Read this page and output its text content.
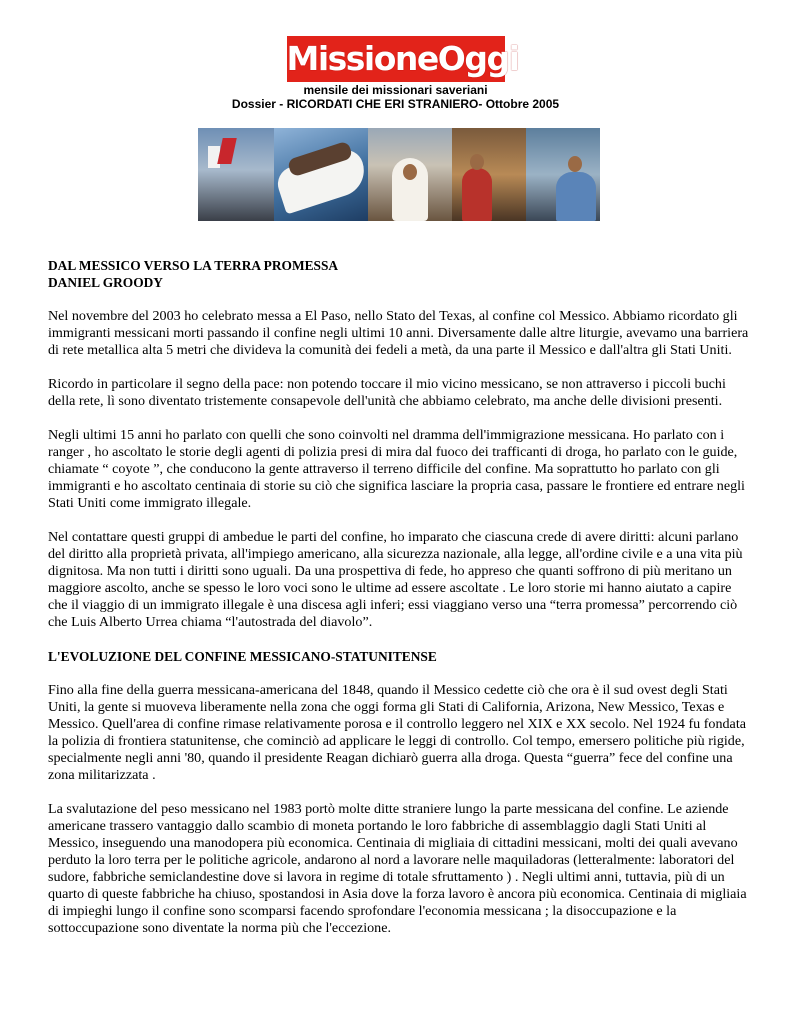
MissioneOggi
mensile dei missionari saveriani
Dossier - RICORDATI CHE ERI STRANIERO- Ottobre 2005

DAL MESSICO VERSO LA TERRA PROMESSA

DANIEL GROODY

Nel novembre del 2003 ho celebrato messa a El Paso, nello Stato del Texas, al confine col Messico. Abbiamo ricordato gli immigranti messicani morti passando il confine negli ultimi 10 anni. Diversamente dalle altre liturgie, avevamo una barriera di rete metallica alta 5 metri che divideva la comunità dei fedeli a metà, da una parte il Messico e dall'altra gli Stati Uniti.

Ricordo in particolare il segno della pace: non potendo toccare il mio vicino messicano, se non attraverso i piccoli buchi della rete, lì sono diventato tristemente consapevole dell'unità che abbiamo celebrato, ma anche delle divisioni presenti.

Negli ultimi 15 anni ho parlato con quelli che sono coinvolti nel dramma dell'immigrazione messicana. Ho parlato con i ranger , ho ascoltato le storie degli agenti di polizia presi di mira dal fuoco dei trafficanti di droga, ho parlato con le guide, chiamate “ coyote ”, che conducono la gente attraverso il terreno difficile del confine. Ma soprattutto ho parlato con gli immigranti e ho ascoltato centinaia di storie su ciò che significa lasciare la propria casa, passare le frontiere ed entrare negli Stati Uniti come immigrato illegale.

Nel contattare questi gruppi di ambedue le parti del confine, ho imparato che ciascuna crede di avere diritti: alcuni parlano del diritto alla proprietà privata, all'impiego americano, alla sicurezza nazionale, alla legge, all'ordine civile e a una vita più dignitosa. Ma non tutti i diritti sono uguali. Da una prospettiva di fede, ho appreso che quanti soffrono di più meritano un maggiore ascolto, anche se spesso le loro voci sono le ultime ad essere ascoltate . Le loro storie mi hanno aiutato a capire che il viaggio di un immigrato illegale è una discesa agli inferi; essi viaggiano verso una “terra promessa” percorrendo ciò che Luis Alberto Urrea chiama “l'autostrada del diavolo”.

L'EVOLUZIONE DEL CONFINE MESSICANO-STATUNITENSE

Fino alla fine della guerra messicana-americana del 1848, quando il Messico cedette ciò che ora è il sud ovest degli Stati Uniti, la gente si muoveva liberamente nella zona che oggi forma gli Stati di California, Arizona, New Messico, Texas e Messico. Quell'area di confine rimase relativamente porosa e il controllo leggero nel XIX e XX secolo. Nel 1924 fu fondata la polizia di frontiera statunitense, che cominciò ad applicare le leggi di controllo. Col tempo, emersero politiche più rigide, specialmente negli anni '80, quando il presidente Reagan dichiarò guerra alla droga. Questa “guerra” fece del confine una zona militarizzata .

La svalutazione del peso messicano nel 1983 portò molte ditte straniere lungo la parte messicana del confine. Le aziende americane trassero vantaggio dallo scambio di moneta portando le loro fabbriche di assemblaggio dagli Stati Uniti al Messico, inseguendo una manodopera più economica. Centinaia di migliaia di cittadini messicani, molti dei quali avevano perduto la loro terra per le politiche agricole, andarono al nord a lavorare nelle maquiladoras (letteralmente: laboratori del sudore, fabbriche semiclandestine dove si lavora in regime di totale sfruttamento ) . Negli ultimi anni, tuttavia, più di un quarto di queste fabbriche ha chiuso, spostandosi in Asia dove la forza lavoro è ancora più economica. Centinaia di migliaia di impieghi lungo il confine sono scomparsi facendo sprofondare l'economia messicana ; la disoccupazione e la sottoccupazione sono diventate la norma più che l'eccezione.
